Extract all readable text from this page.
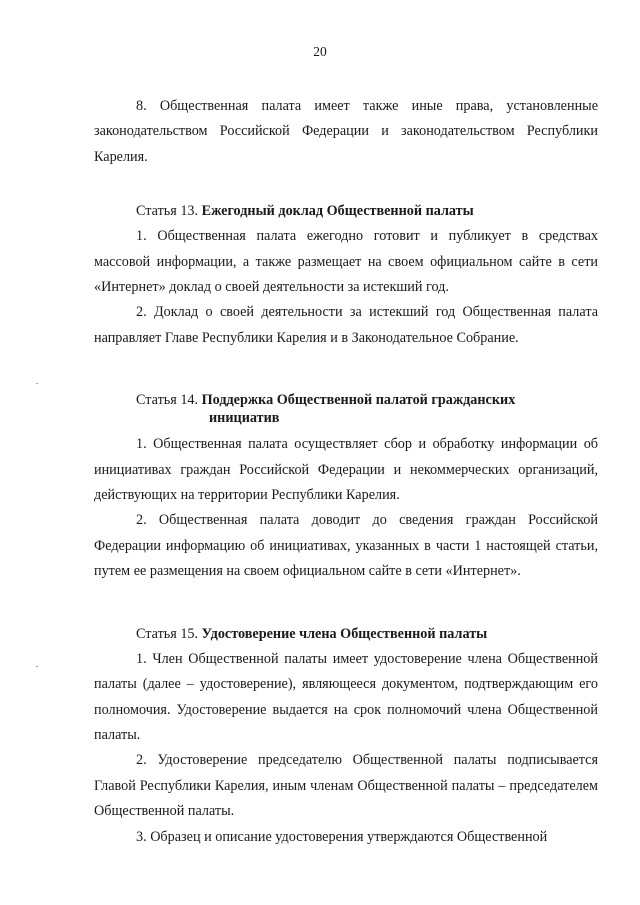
20

8. Общественная палата имеет также иные права, установленные законодательством Российской Федерации и законодательством Республики Карелия.

Статья 13. Ежегодный доклад Общественной палаты

1. Общественная палата ежегодно готовит и публикует в средствах массовой информации, а также размещает на своем официальном сайте в сети «Интернет» доклад о своей деятельности за истекший год.

2. Доклад о своей деятельности за истекший год Общественная палата направляет Главе Республики Карелия и в Законодательное Собрание.

Статья 14. Поддержка Общественной палатой гражданских
инициатив

1. Общественная палата осуществляет сбор и обработку информации об инициативах граждан Российской Федерации и некоммерческих организаций, действующих на территории Республики Карелия.

2. Общественная палата доводит до сведения граждан Российской Федерации информацию об инициативах, указанных в части 1 настоящей статьи, путем ее размещения на своем официальном сайте в сети «Интернет».

Статья 15. Удостоверение члена Общественной палаты

1. Член Общественной палаты имеет удостоверение члена Общественной палаты (далее – удостоверение), являющееся документом, подтверждающим его полномочия. Удостоверение выдается на срок полномочий члена Общественной палаты.

2. Удостоверение председателю Общественной палаты подписывается Главой Республики Карелия, иным членам Общественной палаты – председателем Общественной палаты.

3. Образец и описание удостоверения утверждаются Общественной
